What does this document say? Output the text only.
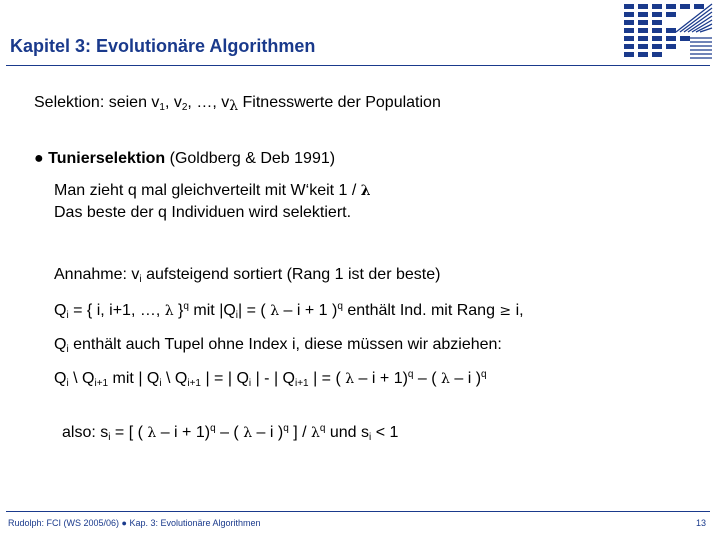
Kapitel 3: Evolutionäre Algorithmen
Selektion: seien $v_1$, $v_2$, …, $v_\lambda$ Fitnesswerte der Population
● Tunierselektion (Goldberg & Deb 1991)
Man zieht q mal gleichverteilt mit W‘keit 1 / λ
Das beste der q Individuen wird selektiert.
Annahme: $v_i$ aufsteigend sortiert (Rang 1 ist der beste)
$Q_i$ = { i, i+1, …, λ }$^q$ mit $|Q_i|$ = ( λ – i + 1 )$^q$ enthält Ind. mit Rang ≥ i,
$Q_i$ enthält auch Tupel ohne Index i, diese müssen wir abziehen:
$Q_i$ \ $Q_{i+1}$ mit | $Q_i$ \ $Q_{i+1}$ | = | $Q_i$ | - | $Q_{i+1}$ | = ( λ – i + 1)$^q$ – ( λ – i )$^q$
also: $s_i$ = [ ( λ – i + 1)$^q$ – ( λ – i )$^q$ ] / $\lambda^q$ und $s_i < 1$
Rudolph: FCI (WS 2005/06) ● Kap. 3: Evolutionäre Algorithmen	13
